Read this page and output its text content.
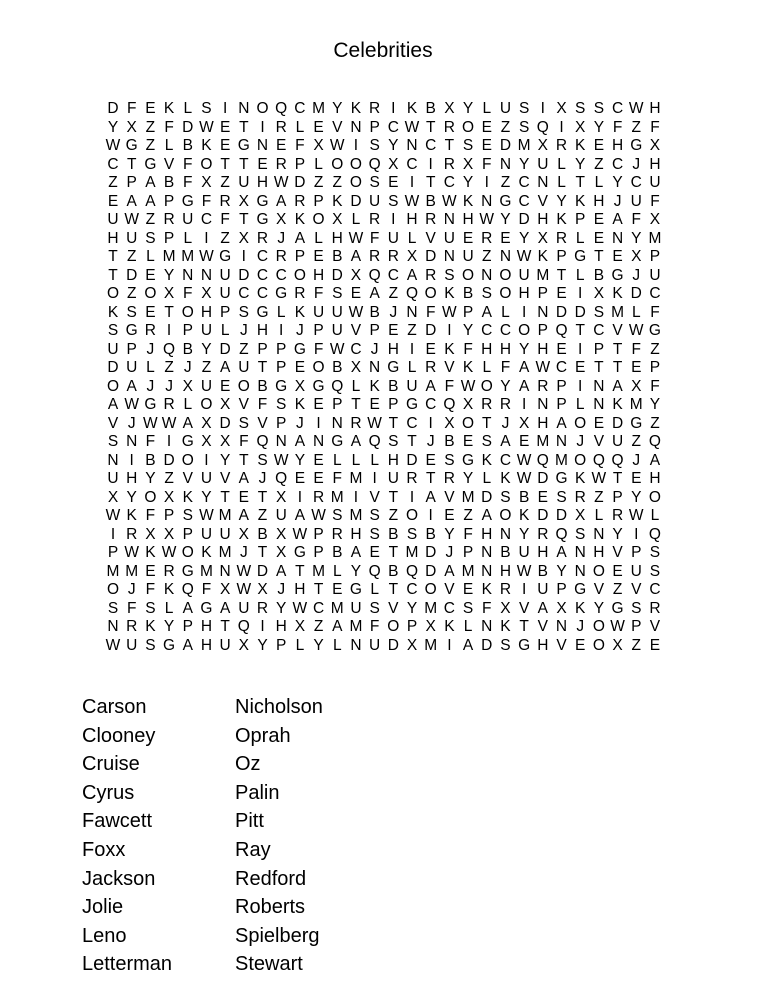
Celebrities
D F E K L S I N O Q C M Y K R I K B X Y L U S I X S S C W H
Y X Z F D W E T I R L E V N P C W T R O E Z S Q I X Y F Z F
W G Z L B K E G N E F X W I S Y N C T S E D M X R K E H G X
C T G V F O T T E R P L O O Q X C I R X F N Y U L Y Z C J H
Z P A B F X Z U H W D Z Z O S E I T C Y I Z C N L T L Y C U
E A A P G F R X G A R P K D U S W B W K N G C V Y K H J U F
U W Z R U C F T G X K O X L R I H R N H W Y D H K P E A F X
H U S P L I Z X R J A L H W F U L V U E R E Y X R L E N Y M
T Z L M M W G I C R P E B A R R X D N U Z N W K P G T E X P
T D E Y N N U D C C O H D X Q C A R S O N O U M T L B G J U
O Z O X F X U C C G R F S E A Z Q O K B S O H P E I X K D C
K S E T O H P S G L K U U W B J N F W P A L I N D D S M L F
S G R I P U L J H I J P U V P E Z D I Y C C O P Q T C V W G
U P J Q B Y D Z P P G F W C J H I E K F H H Y H E I P T F Z
D U L Z J Z A U T P E O B X N G L R V K L F A W C E T T E P
O A J J X U E O B G X G Q L K B U A F W O Y A R P I N A X F
A W G R L O X V F S K E P T E P G C Q X R R I N P L N K M Y
V J W W A X D S V P J I N R W T C I X O T J X H A O E D G Z
S N F I G X X F Q N A N G A Q S T J B E S A E M N J V U Z Q
N I B D O I Y T S W Y E L L L H D E S G K C W Q M O Q Q J A
U H Y Z V U V A J Q E E F M I U R T R Y L K W D G K W T E H
X Y O X K Y T E T X I R M I V T I A V M D S B E S R Z P Y O
W K F P S W M A Z U A W S M S Z O I E Z A O K D D X L R W L
I R X X P U U X B X W P R H S B S B Y F H N Y R Q S N Y I Q
P W K W O K M J T X G P B A E T M D J P N B U H A N H V P S
M M E R G M N W D A T M L Y Q B Q D A M N H W B Y N O E U S
O J F K Q F X W X J H T E G L T C O V E K R I U P G V Z V C
S F S L A G A U R Y W C M U S V Y M C S F X V A X K Y G S R
N R K Y P H T Q I H X Z A M F O P X K L N K T V N J O W P V
W U S G A H U X Y P L Y L N U D X M I A D S G H V E O X Z E
Carson
Clooney
Cruise
Cyrus
Fawcett
Foxx
Jackson
Jolie
Leno
Letterman
Nicholson
Oprah
Oz
Palin
Pitt
Ray
Redford
Roberts
Spielberg
Stewart
